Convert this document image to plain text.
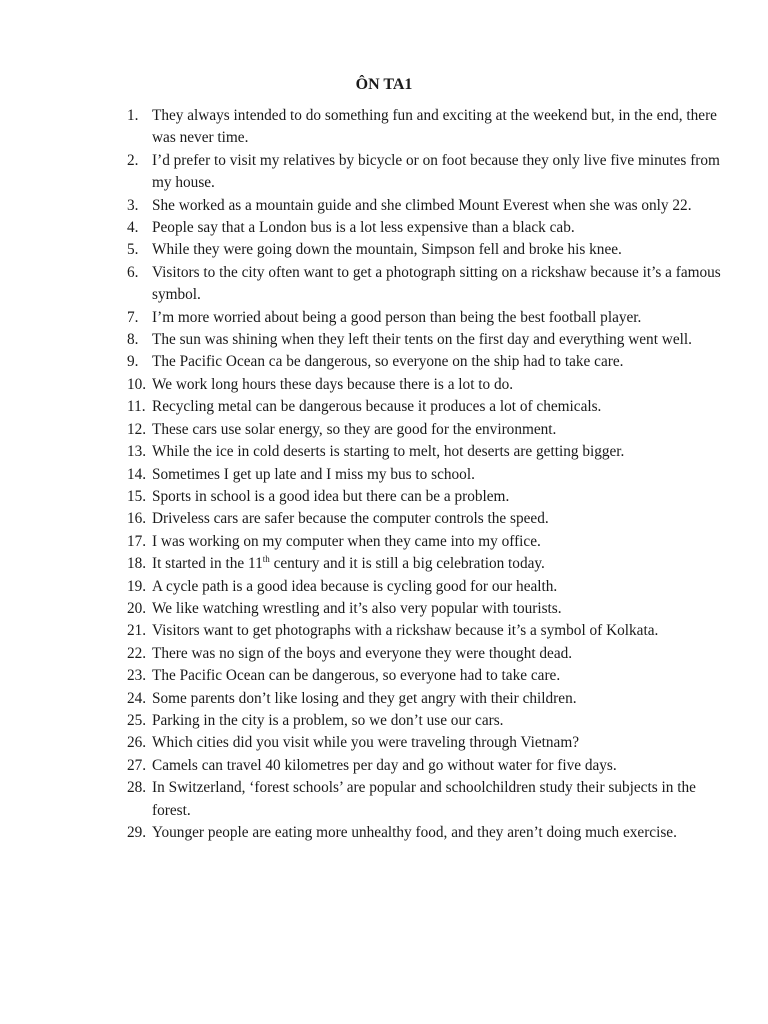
ÔN TA1
1. They always intended to do something fun and exciting at the weekend but, in the end, there was never time.
2. I’d prefer to visit my relatives by bicycle or on foot because they only live five minutes from my house.
3. She worked as a mountain guide and she climbed Mount Everest when she was only 22.
4. People say that a London bus is a lot less expensive than a black cab.
5. While they were going down the mountain, Simpson fell and broke his knee.
6. Visitors to the city often want to get a photograph sitting on a rickshaw because it’s a famous symbol.
7. I’m more worried about being a good person than being the best football player.
8. The sun was shining when they left their tents on the first day and everything went well.
9. The Pacific Ocean ca be dangerous, so everyone on the ship had to take care.
10. We work long hours these days because there is a lot to do.
11. Recycling metal can be dangerous because it produces a lot of chemicals.
12. These cars use solar energy, so they are good for the environment.
13. While the ice in cold deserts is starting to melt, hot deserts are getting bigger.
14. Sometimes I get up late and I miss my bus to school.
15. Sports in school is a good idea but there can be a problem.
16. Driveless cars are safer because the computer controls the speed.
17. I was working on my computer when they came into my office.
18. It started in the 11th century and it is still a big celebration today.
19. A cycle path is a good idea because is cycling good for our health.
20. We like watching wrestling and it’s also very popular with tourists.
21. Visitors want to get photographs with a rickshaw because it’s a symbol of Kolkata.
22. There was no sign of the boys and everyone they were thought dead.
23. The Pacific Ocean can be dangerous, so everyone had to take care.
24. Some parents don’t like losing and they get angry with their children.
25. Parking in the city is a problem, so we don’t use our cars.
26. Which cities did you visit while you were traveling through Vietnam?
27. Camels can travel 40 kilometres per day and go without water for five days.
28. In Switzerland, ‘forest schools’ are popular and schoolchildren study their subjects in the forest.
29. Younger people are eating more unhealthy food, and they aren’t doing much exercise.
